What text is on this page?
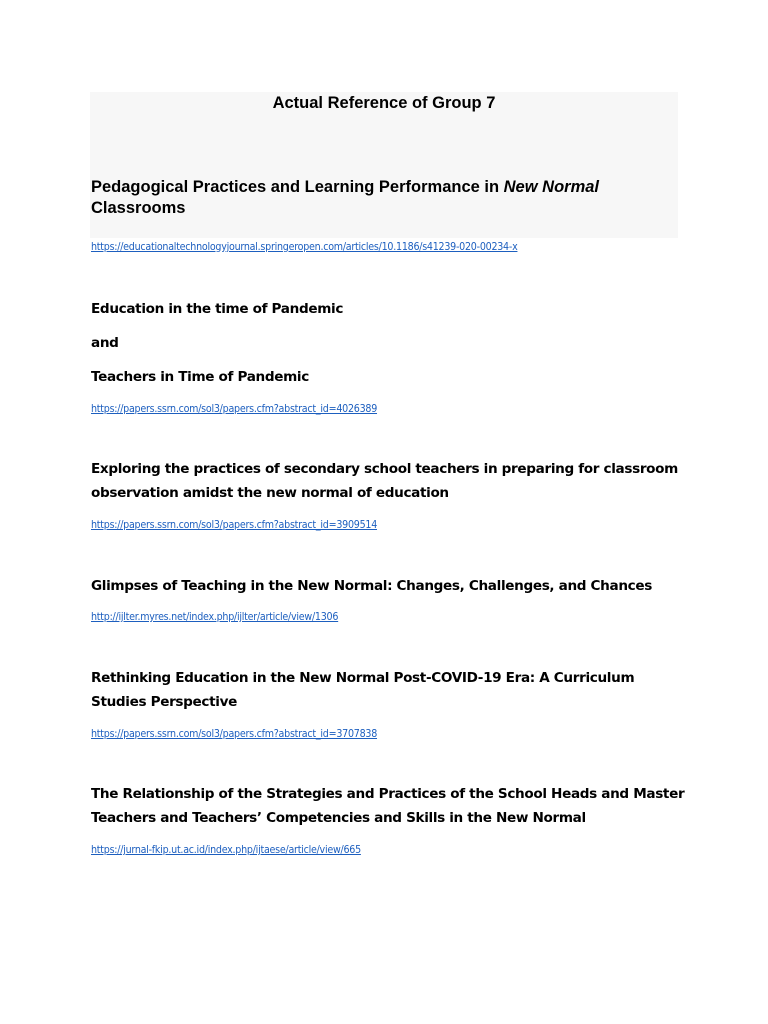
Actual Reference of Group 7
Pedagogical Practices and Learning Performance in New Normal
Classrooms
https://educationaltechnologyjournal.springeropen.com/articles/10.1186/s41239-020-00234-x

Education in the time of Pandemic

and

Teachers in Time of Pandemic

https://papers.ssrn.com/sol3/papers.cfm?abstract_id=4026389

Exploring the practices of secondary school teachers in preparing for classroom
observation amidst the new normal of education

https://papers.ssrn.com/sol3/papers.cfm?abstract_id=3909514

Glimpses of Teaching in the New Normal: Changes, Challenges, and Chances

http://ijlter.myres.net/index.php/ijlter/article/view/1306

Rethinking Education in the New Normal Post-COVID-19 Era: A Curriculum
Studies Perspective

https://papers.ssrn.com/sol3/papers.cfm?abstract_id=3707838

The Relationship of the Strategies and Practices of the School Heads and Master
Teachers and Teachers’ Competencies and Skills in the New Normal

https://jurnal-fkip.ut.ac.id/index.php/ijtaese/article/view/665
